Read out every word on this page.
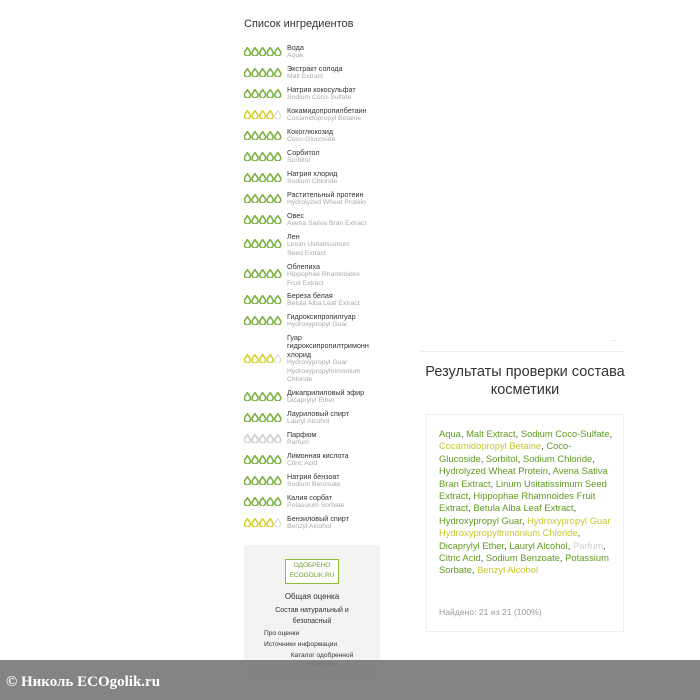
Список ингредиентов
Вода
Aqua
Экстракт солода
Malt Extract
Натрия кокосульфат
Sodium Coco-Sulfate
Кокамидопропилбетаин
Cocamidopropyl Betaine
Кокоглюкозид
Coco-Glucoside
Сорбитол
Sorbitol
Натрия хлорид
Sodium Chloride
Растительный протеин
Hydrolyzed Wheat Protein
Овес
Avena Sativa Bran Extract
Лен
Linum Usitatissimum
Seed Extract
Облепиха
Hippophae Rhamnoides
Fruit Extract
Береза белая
Betula Alba Leaf Extract
Гидроксипропилгуар
Hydroxypropyl Guar
Гуар
гидроксипропилтримонн
хлорид
Hydroxypropyl Guar
Hydroxypropyltrimonium
Chloride
Дикаприлиловый эфир
Dicaprylyl Ether
Лауриловый спирт
Lauryl Alcohol
Парфюм
Parfum
Лимонная кислота
Citric Acid
Натрия бензоат
Sodium Benzoate
Калия сорбат
Potassium Sorbate
Бензиловый спирт
Benzyl Alcohol
ОДОБРЕНО
ECOGOLIK.RU
Общая оценка
Состав натуральный и безопасный
Про оценки
Источники информации
Каталог одобренной
–
Результаты проверки состава косметики
Aqua, Malt Extract, Sodium Coco-Sulfate, Cocamidopropyl Betaine, Coco-Glucoside, Sorbitol, Sodium Chloride, Hydrolyzed Wheat Protein, Avena Sativa Bran Extract, Linum Usitatissimum Seed Extract, Hippophae Rhamnoides Fruit Extract, Betula Alba Leaf Extract, Hydroxypropyl Guar, Hydroxypropyl Guar Hydroxypropyltrimonium Chloride, Dicaprylyl Ether, Lauryl Alcohol, Parfum, Citric Acid, Sodium Benzoate, Potassium Sorbate, Benzyl Alcohol
Найдено: 21 из 21 (100%)
© Николь ECOgolik.ru
